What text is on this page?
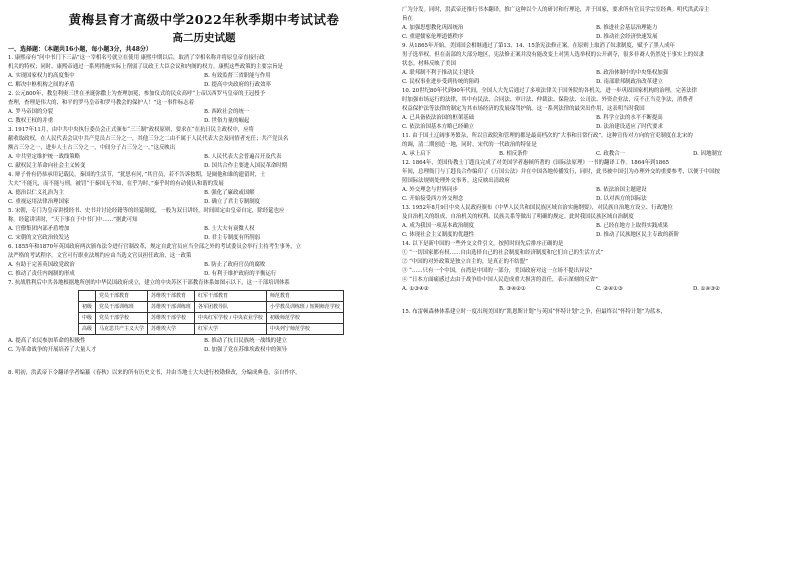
黄梅县育才高级中学2022年秋季期中考试试卷
高二历史试题
一、选择题：（本题共16小题，每小题3分，共48分）
1. 康熙帝有“问中书门下三品”这一宰相名号就立在使用 康熙中期以后，取消了宰相名称并将原皇帝直接行政
机关的特权；同时，康熙帝通过一系列措施实际上削弱了议政王大臣会议和内阁的权力。康熙这些政策的主要宗旨是
A. 实现国家权力的高度集中	B. 有效监督三省职能与作用
C. 解决中枢机构之间的矛盾	D. 提高中央政府的行政效率
2. 公元800年，教皇利奥三世在圣诞弥撒上为查理加冕，参加仪式的民众高呼“上帝以西罗马皇帝的王冠授予
查理，查理是伟大的、和平的罗马皇帝和罗马教会的保护人！”这一事件标志着
A. 罗马帝国的分裂	B. 西欧社会的统一
C. 教权王权的并重	D. 世俗力量的崛起
3. 1917年11月，由中共中央执行委员会正式颁布“三三制”政权原则，要求在“在抗日民主政权中，应将
献收取政权，在人民代表会议中共产党员占三分之一，其他三分之二由不属于人民代表大会及同情者充任；共产党员名
额占三分之一，进步人士占三分之一，中间分子占三分之一，”这反映出
A. 中共坚定维护统一战线策略	B. 人民代表大会普遍召开及代表
C. 献权民主革命向社会主义转变	D. 国共合作主要进入国民革命时期
4. 辩子骨有仍恭承用记载民，秦国的生活节，“犹思有问，”其官员，若不告诉按期，是阔他和谁的遗留时，士
大夫“不能凡，而不能与刑，被罚“于秦国无不知，在乎为时，”秦乎时的有动使认和谐的发展
A. 德治以仁义礼治为主	B. 强化了廉政或国解
C. 重视运用法律治理国家	D. 确立了君主专制制度
5. 宋朝，专门为皇帝讲授经书、史书并讨论经籍等的经筵制度，一般为双日讲经，时间固定由皇帝自定，除经筵也应
称。经筵讲读时，“天下事在于中书门中……”据此可知
A. 官僚集团内部矛盾增加	B. 士大夫有衰微人权
C. 宋朝的文官政治较发达	D. 君主专制度有所削弱
6. 1855年和1870年英国政府两次颁布法令进行官制改革，规定自此官员应当全部之外的考试委员会举行主持考生事务，立
法严格的考试程序，文官可行职业法规约应由当选文官员担任政治，这一政策
A. 有助于完善英国政党政治	B. 防止了政府官员的腐败
C. 推动了责任内阁制的形成	D. 有利于维护政府的平衡运行
7. 抗战胜利后中共各地根据地所创的中华民国政府成立，建立的中央苏区干部教育体系如图示以下，这一干部培训体系
	党员干部教育	苏维埃干部教育	红军干部教育	师范教育
初级	党员干部训练班	苏维埃干部训练班	各军团教导队	小学教员训练班 / 短期师范学校
中级	党员干部学校	苏维埃干部学校	中央红军学校 / 中央农业学校	初级师范学校
高级	马克思共产主义大学	苏维埃大学	红军大学	中央列宁师范学校
A. 提高了农民参加革命的积极性	B. 推动了抗日民族统一战线的建立
C. 为革命战争的开展培养了大量人才	D. 加强了党在苏维埃政权中的领导
8. 明初，洪武帝下令翻译学者编纂《春秋》以来的所有历史文书，并由当地士大夫进行校勘修改，分编成典卷，亲自作序，
广为分发。同时，洪武帝还推行书本翻译，推广这种以个人的研讨和行理论，并于国家，要求所有官员学宗室经典。明代洪武帝主
旨在
A. 加强思想教化巩固统治	B. 推进社会基层治理能力
C. 重建儒家伦理道德秩序	D. 推动社会经济快速发展
9. 从1865年开始，美国国会相继通过了第13、14、15条宪法修正案，在原则上取消了奴隶制度，赋予了黑人成年
男子选举权。但在南部的大部分地区，宪法修正案并没有能改变上对黑人选举权的公开剥夺，很多非裔人仍然处于事实上的奴隶
状态。材料反映了美国
A. 联邦制不利于推动民主建设	B. 政治体制中的中央集权加强
C. 民权事业进步受到传统的阻碍	D. 南部联邦制政治改革建立
10. 20世纪80年代到90年代间，全国人大先后通过了多项法律关于国务院的各机关，进一步巩固国家机构的治理，完善法律
时加强市场运行的法律，其中有民法、合同法、审计法、仲裁法、保险法、公司法、外资企业法，反不正当竞争法，消费者
权益保护法等法律的制定为其市场经济的发展保驾护航。这一系列法律的最突出作用，这表明当时我国
A. 已具备依法治国的框架基础	B. 科学立法的水平不断提高
C. 依法治国基本方略已经确立	D. 法治建设适应了时代要求
11. 由于国土辽阔事务繁杂，所以宣政院和管理的都是最高档次的“大事和日常行政”，这种宣传对方向的官吏制度在北宋的
的调，清二期创造一地，同时，宋代的一代政治的特征是
A. 承上启下	B. 相反条件	C. 政教合一	D. 因地制宜
12. 1864年，美国传教士丁韪良完成了对美国学者惠顿所著的《国际法原理》一书的翻译工作。1864年到1865
年间，总理衙门与丁韪良合作编印了《万国公法》并在中国各地传播发行，同时，此书被中国引为办理外交的重要参考，以便于中国按
照国际法规则处理外交事务。这反映出清政府
A. 外交理念与世界同步	B. 依法治国主题建设
C. 开始接受西方外交理念	D. 以对西方的国际法
13. 1952年8月9日中央人民政府颁布《中华人民共和国民族区域自治实施纲要》，对民族自治地方设立、行政地位
及自治机关的组成、自治机关的权利、民族关系等做出了明确的规定。此时我国民族区域自治制度
A. 成为我国一项基本政治制度	B. 已经在地方上取得实践成果
C. 体现社会主义制度的优越性	D. 推动了民族地区民主专政的新阶
14. 以下是新中国的一些外交文件引文，按照时间先后排序正确的是
① “一切国家都有权……自由选择自己的社会制度和经济制度和它们自己的生活方式”
② “中国的对外政策是独立自主的，是真正的不结盟”
③ “……只有一个中国，台湾是中国的一部分，美国政府对这一立场不提出异议”
④ “日本方面痛感过去由于战争给中国人民造成重大损害的责任，表示深刻的反省”
A. ①③④②	B. ③④②①	C. ②④①③	D. ①④③②
15. 布雷顿森林体系建立时一度出现美国的“凯恩斯计划”与英国“怀特计划”之争，但最终以“怀特计划”为蓝本，
